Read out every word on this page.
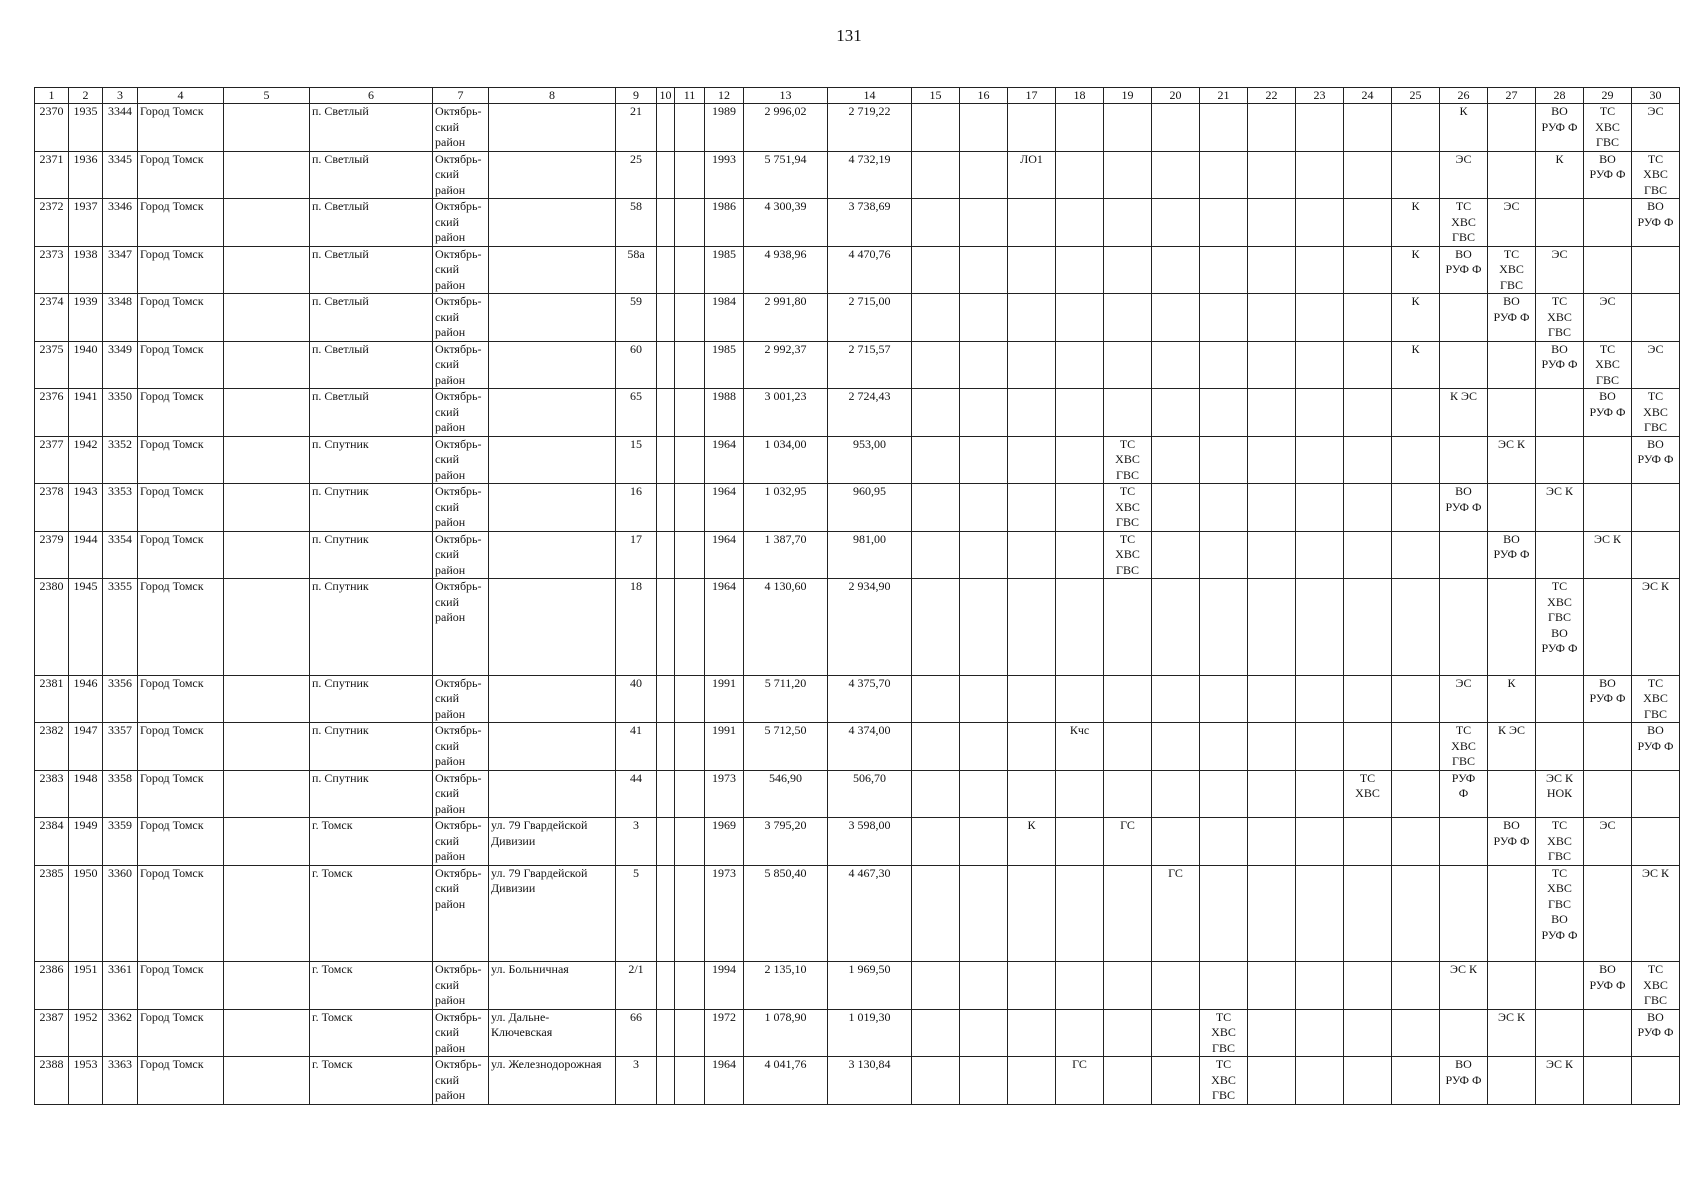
131
1	2	3	4	5	6	7	8	9	10	11	12	13	14	15	16	17	18	19	20	21	22	23	24	25	26	27	28	29	30
2370	1935	3344	Город Томск		п. Светлый	Октябрь-
ский
район		21			1989	2 996,02	2 719,22												К		ВО
РУФ Ф	ТС
ХВС
ГВС	ЭС
2371	1936	3345	Город Томск		п. Светлый	Октябрь-
ский
район		25			1993	5 751,94	4 732,19			ЛО1									ЭС		К	ВО
РУФ Ф	ТС
ХВС
ГВС
2372	1937	3346	Город Томск		п. Светлый	Октябрь-
ский
район		58			1986	4 300,39	3 738,69											К	ТС
ХВС
ГВС	ЭС			ВО
РУФ Ф
2373	1938	3347	Город Томск		п. Светлый	Октябрь-
ский
район		58а			1985	4 938,96	4 470,76											К	ВО
РУФ Ф	ТС
ХВС
ГВС	ЭС		
2374	1939	3348	Город Томск		п. Светлый	Октябрь-
ский
район		59			1984	2 991,80	2 715,00											К		ВО
РУФ Ф	ТС
ХВС
ГВС	ЭС	
2375	1940	3349	Город Томск		п. Светлый	Октябрь-
ский
район		60			1985	2 992,37	2 715,57											К			ВО
РУФ Ф	ТС
ХВС
ГВС	ЭС
2376	1941	3350	Город Томск		п. Светлый	Октябрь-
ский
район		65			1988	3 001,23	2 724,43												К ЭС			ВО
РУФ Ф	ТС
ХВС
ГВС
2377	1942	3352	Город Томск		п. Спутник	Октябрь-
ский
район		15			1964	1 034,00	953,00					ТС
ХВС
ГВС								ЭС К			ВО
РУФ Ф
2378	1943	3353	Город Томск		п. Спутник	Октябрь-
ский
район		16			1964	1 032,95	960,95					ТС
ХВС
ГВС							ВО
РУФ Ф		ЭС К		
2379	1944	3354	Город Томск		п. Спутник	Октябрь-
ский
район		17			1964	1 387,70	981,00					ТС
ХВС
ГВС								ВО
РУФ Ф		ЭС К	
2380	1945	3355	Город Томск		п. Спутник	Октябрь-
ский
район		18			1964	4 130,60	2 934,90														ТС
ХВС
ГВС
ВО
РУФ Ф		ЭС К
2381	1946	3356	Город Томск		п. Спутник	Октябрь-
ский
район		40			1991	5 711,20	4 375,70												ЭС	К		ВО
РУФ Ф	ТС
ХВС
ГВС
2382	1947	3357	Город Томск		п. Спутник	Октябрь-
ский
район		41			1991	5 712,50	4 374,00				Кчс								ТС
ХВС
ГВС	К ЭС			ВО
РУФ Ф
2383	1948	3358	Город Томск		п. Спутник	Октябрь-
ский
район		44			1973	546,90	506,70										ТС
ХВС		РУФ
Ф		ЭС К
НОК		
2384	1949	3359	Город Томск		г. Томск	Октябрь-
ский
район	ул. 79 Гвардейской
Дивизии	3			1969	3 795,20	3 598,00			К		ГС								ВО
РУФ Ф	ТС
ХВС
ГВС	ЭС	
2385	1950	3360	Город Томск		г. Томск	Октябрь-
ский
район	ул. 79 Гвардейской
Дивизии	5			1973	5 850,40	4 467,30						ГС								ТС
ХВС
ГВС
ВО
РУФ Ф		ЭС К
2386	1951	3361	Город Томск		г. Томск	Октябрь-
ский
район	ул. Больничная	2/1			1994	2 135,10	1 969,50												ЭС К			ВО
РУФ Ф	ТС
ХВС
ГВС
2387	1952	3362	Город Томск		г. Томск	Октябрь-
ский
район	ул. Дальне-
Ключевская	66			1972	1 078,90	1 019,30							ТС
ХВС
ГВС						ЭС К			ВО
РУФ Ф
2388	1953	3363	Город Томск		г. Томск	Октябрь-
ский
район	ул. Железнодорожная	3			1964	4 041,76	3 130,84				ГС			ТС
ХВС
ГВС					ВО
РУФ Ф		ЭС К		
